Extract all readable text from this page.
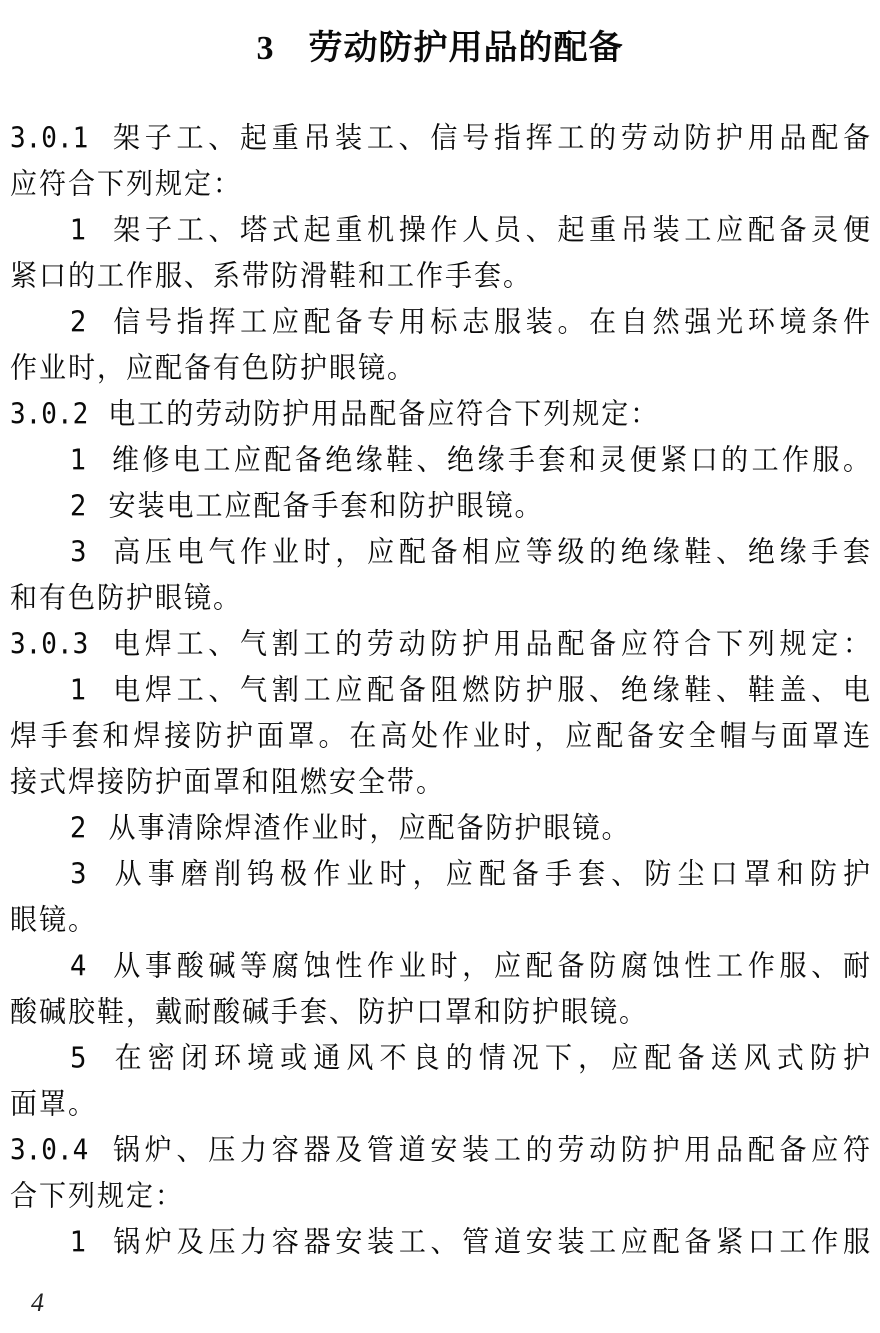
3 劳动防护用品的配备
3.0.1 架子工、起重吊装工、信号指挥工的劳动防护用品配备
应符合下列规定：
1 架子工、塔式起重机操作人员、起重吊装工应配备灵便
紧口的工作服、系带防滑鞋和工作手套。
2 信号指挥工应配备专用标志服装。在自然强光环境条件
作业时，应配备有色防护眼镜。
3.0.2 电工的劳动防护用品配备应符合下列规定：
1 维修电工应配备绝缘鞋、绝缘手套和灵便紧口的工作服。
2 安装电工应配备手套和防护眼镜。
3 高压电气作业时，应配备相应等级的绝缘鞋、绝缘手套
和有色防护眼镜。
3.0.3 电焊工、气割工的劳动防护用品配备应符合下列规定：
1 电焊工、气割工应配备阻燃防护服、绝缘鞋、鞋盖、电
焊手套和焊接防护面罩。在高处作业时，应配备安全帽与面罩连
接式焊接防护面罩和阻燃安全带。
2 从事清除焊渣作业时，应配备防护眼镜。
3 从事磨削钨极作业时，应配备手套、防尘口罩和防护
眼镜。
4 从事酸碱等腐蚀性作业时，应配备防腐蚀性工作服、耐
酸碱胶鞋，戴耐酸碱手套、防护口罩和防护眼镜。
5 在密闭环境或通风不良的情况下，应配备送风式防护
面罩。
3.0.4 锅炉、压力容器及管道安装工的劳动防护用品配备应符
合下列规定：
1 锅炉及压力容器安装工、管道安装工应配备紧口工作服
4
